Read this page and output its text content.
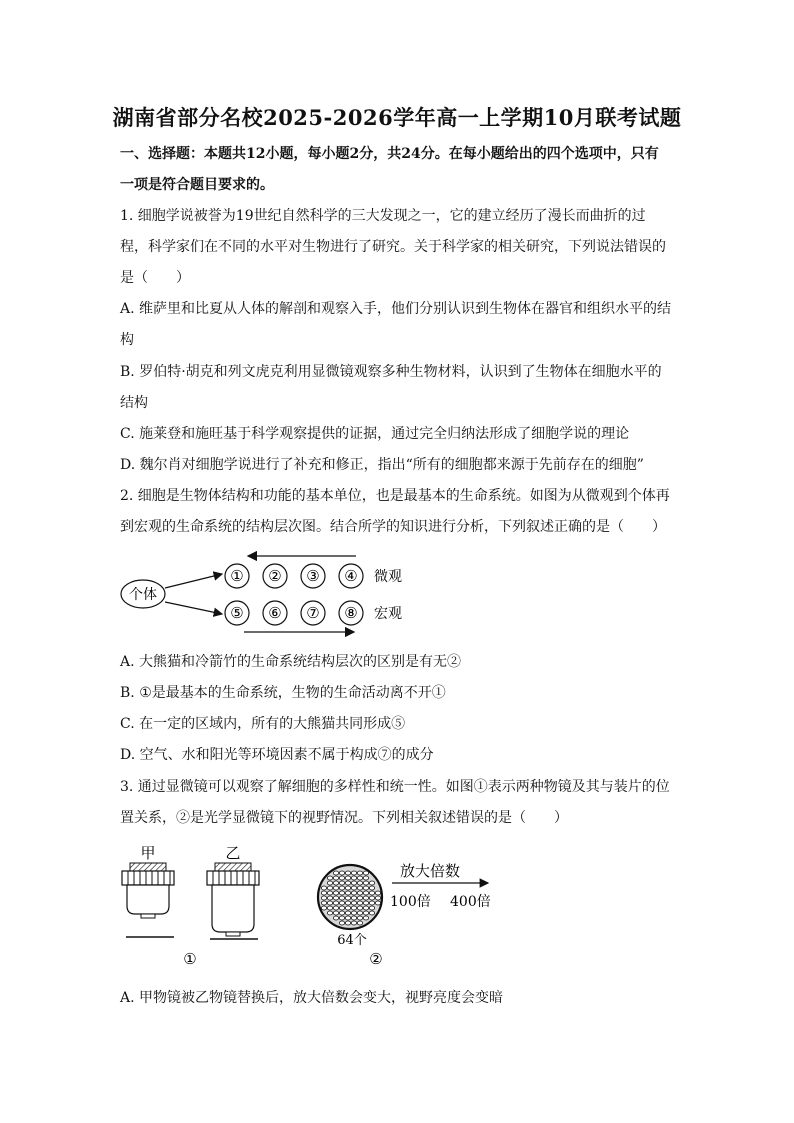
湖南省部分名校2025-2026学年高一上学期10月联考试题
一、选择题：本题共12小题，每小题2分，共24分。在每小题给出的四个选项中，只有
一项是符合题目要求的。
1. 细胞学说被誉为19世纪自然科学的三大发现之一，它的建立经历了漫长而曲折的过
程，科学家们在不同的水平对生物进行了研究。关于科学家的相关研究，下列说法错误的
是（　　）
A. 维萨里和比夏从人体的解剖和观察入手，他们分别认识到生物体在器官和组织水平的结
构
B. 罗伯特·胡克和列文虎克利用显微镜观察多种生物材料，认识到了生物体在细胞水平的
结构
C. 施莱登和施旺基于科学观察提供的证据，通过完全归纳法形成了细胞学说的理论
D. 魏尔肖对细胞学说进行了补充和修正，指出“所有的细胞都来源于先前存在的细胞”
2. 细胞是生物体结构和功能的基本单位，也是最基本的生命系统。如图为从微观到个体再
到宏观的生命系统的结构层次图。结合所学的知识进行分析，下列叙述正确的是（　　）
个体
① ② ③ ④
⑤ ⑥ ⑦ ⑧
微观
宏观
A. 大熊猫和冷箭竹的生命系统结构层次的区别是有无②
B. ①是最基本的生命系统，生物的生命活动离不开①
C. 在一定的区域内，所有的大熊猫共同形成⑤
D. 空气、水和阳光等环境因素不属于构成⑦的成分
3. 通过显微镜可以观察了解细胞的多样性和统一性。如图①表示两种物镜及其与装片的位
置关系，②是光学显微镜下的视野情况。下列相关叙述错误的是（　　）
甲	乙
①
64个
②
放大倍数
100倍 400倍
A. 甲物镜被乙物镜替换后，放大倍数会变大，视野亮度会变暗
